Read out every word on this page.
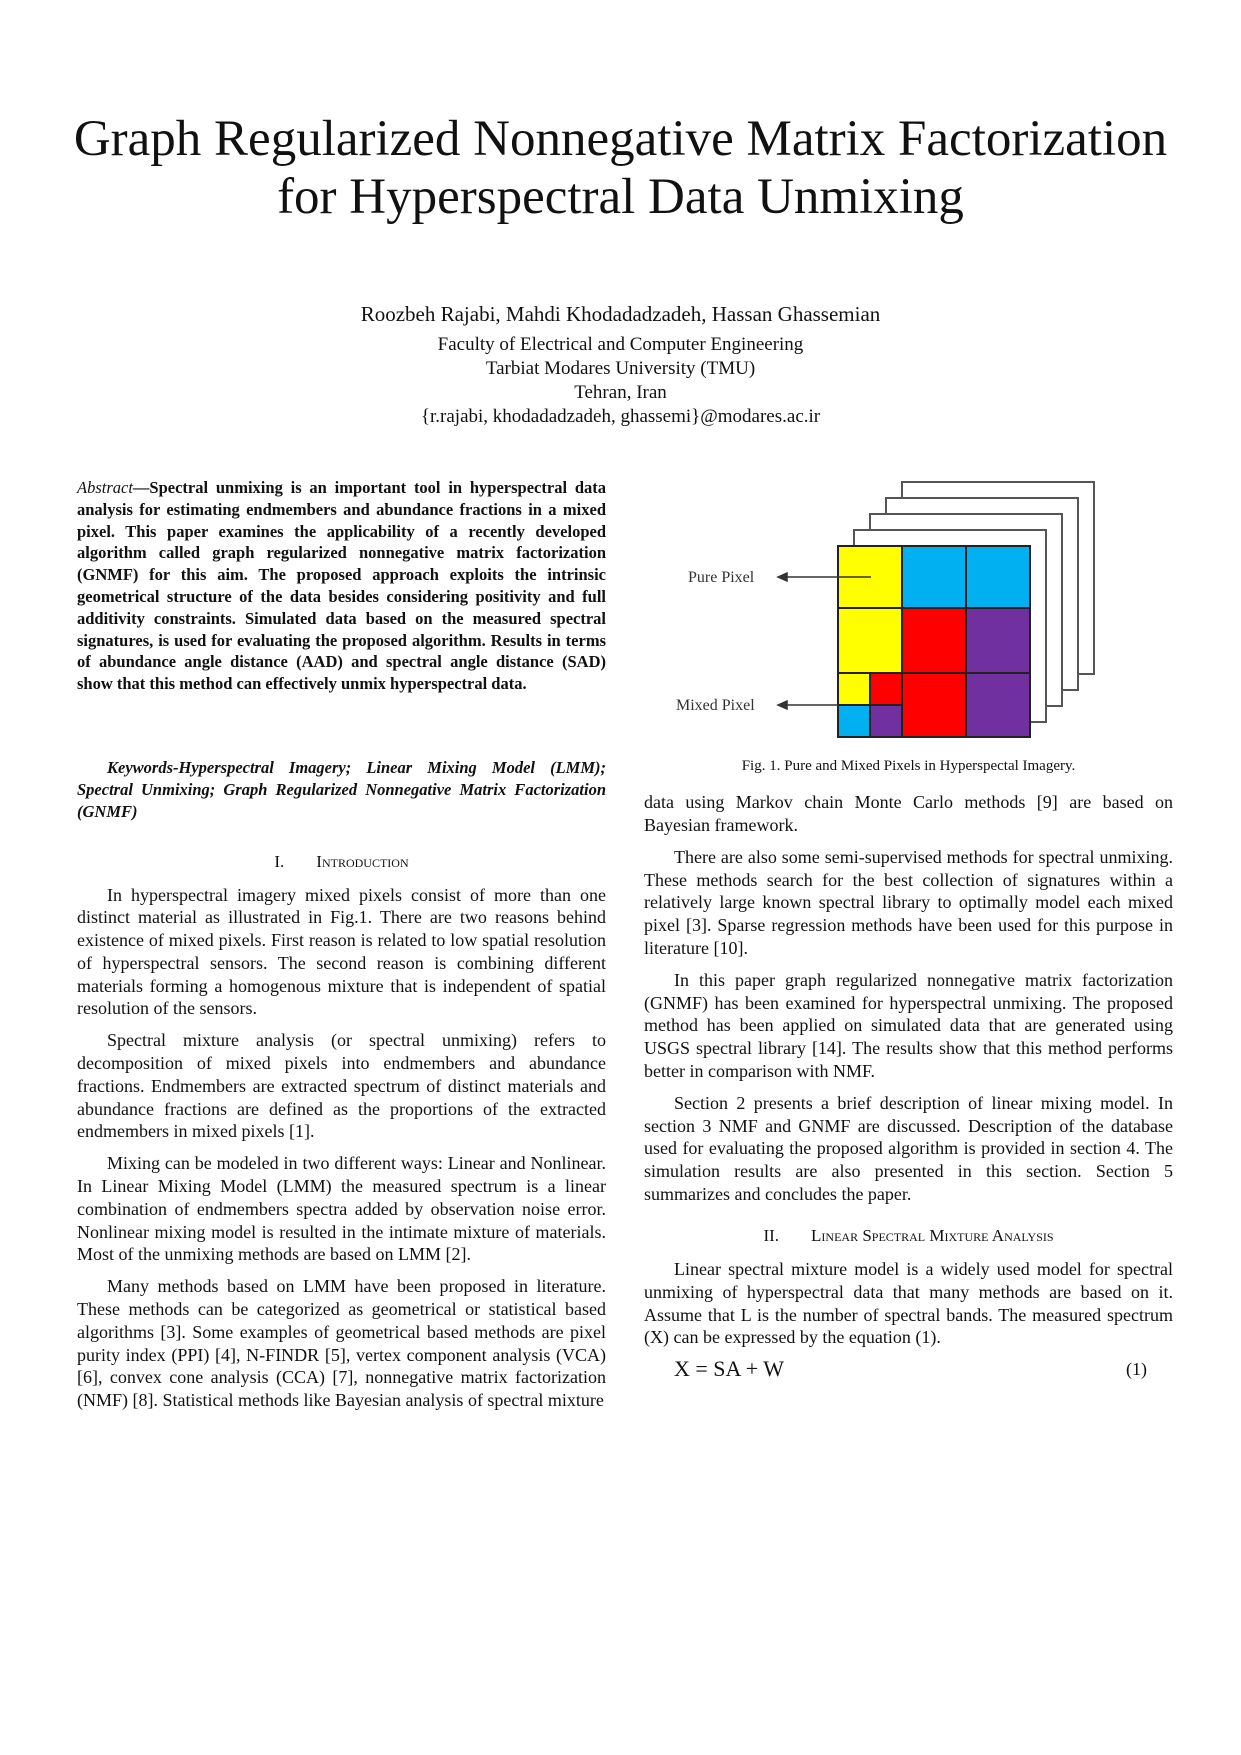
Graph Regularized Nonnegative Matrix Factorization
for Hyperspectral Data Unmixing
Roozbeh Rajabi, Mahdi Khodadadzadeh, Hassan Ghassemian
Faculty of Electrical and Computer Engineering
Tarbiat Modares University (TMU)
Tehran, Iran
{r.rajabi, khodadadzadeh, ghassemi}@modares.ac.ir
Abstract—Spectral unmixing is an important tool in hyperspectral data analysis for estimating endmembers and abundance fractions in a mixed pixel. This paper examines the applicability of a recently developed algorithm called graph regularized nonnegative matrix factorization (GNMF) for this aim. The proposed approach exploits the intrinsic geometrical structure of the data besides considering positivity and full additivity constraints. Simulated data based on the measured spectral signatures, is used for evaluating the proposed algorithm. Results in terms of abundance angle distance (AAD) and spectral angle distance (SAD) show that this method can effectively unmix hyperspectral data.
Keywords-Hyperspectral Imagery; Linear Mixing Model (LMM); Spectral Unmixing; Graph Regularized Nonnegative Matrix Factorization (GNMF)
I. Introduction

In hyperspectral imagery mixed pixels consist of more than one distinct material as illustrated in Fig.1. There are two reasons behind existence of mixed pixels. First reason is related to low spatial resolution of hyperspectral sensors. The second reason is combining different materials forming a homogenous mixture that is independent of spatial resolution of the sensors.

Spectral mixture analysis (or spectral unmixing) refers to decomposition of mixed pixels into endmembers and abundance fractions. Endmembers are extracted spectrum of distinct materials and abundance fractions are defined as the proportions of the extracted endmembers in mixed pixels [1].

Mixing can be modeled in two different ways: Linear and Nonlinear. In Linear Mixing Model (LMM) the measured spectrum is a linear combination of endmembers spectra added by observation noise error. Nonlinear mixing model is resulted in the intimate mixture of materials. Most of the unmixing methods are based on LMM [2].

Many methods based on LMM have been proposed in literature. These methods can be categorized as geometrical or statistical based algorithms [3]. Some examples of geometrical based methods are pixel purity index (PPI) [4], N-FINDR [5], vertex component analysis (VCA) [6], convex cone analysis (CCA) [7], nonnegative matrix factorization (NMF) [8]. Statistical methods like Bayesian analysis of spectral mixture

Pure Pixel
Mixed Pixel
Fig. 1. Pure and Mixed Pixels in Hyperspectal Imagery.

data using Markov chain Monte Carlo methods [9] are based on Bayesian framework.

There are also some semi-supervised methods for spectral unmixing. These methods search for the best collection of signatures within a relatively large known spectral library to optimally model each mixed pixel [3]. Sparse regression methods have been used for this purpose in literature [10].

In this paper graph regularized nonnegative matrix factorization (GNMF) has been examined for hyperspectral unmixing. The proposed method has been applied on simulated data that are generated using USGS spectral library [14]. The results show that this method performs better in comparison with NMF.

Section 2 presents a brief description of linear mixing model. In section 3 NMF and GNMF are discussed. Description of the database used for evaluating the proposed algorithm is provided in section 4. The simulation results are also presented in this section. Section 5 summarizes and concludes the paper.

II. Linear Spectral Mixture Analysis

Linear spectral mixture model is a widely used model for spectral unmixing of hyperspectral data that many methods are based on it. Assume that L is the number of spectral bands. The measured spectrum (X) can be expressed by the equation (1).

X = SA + W	(1)
